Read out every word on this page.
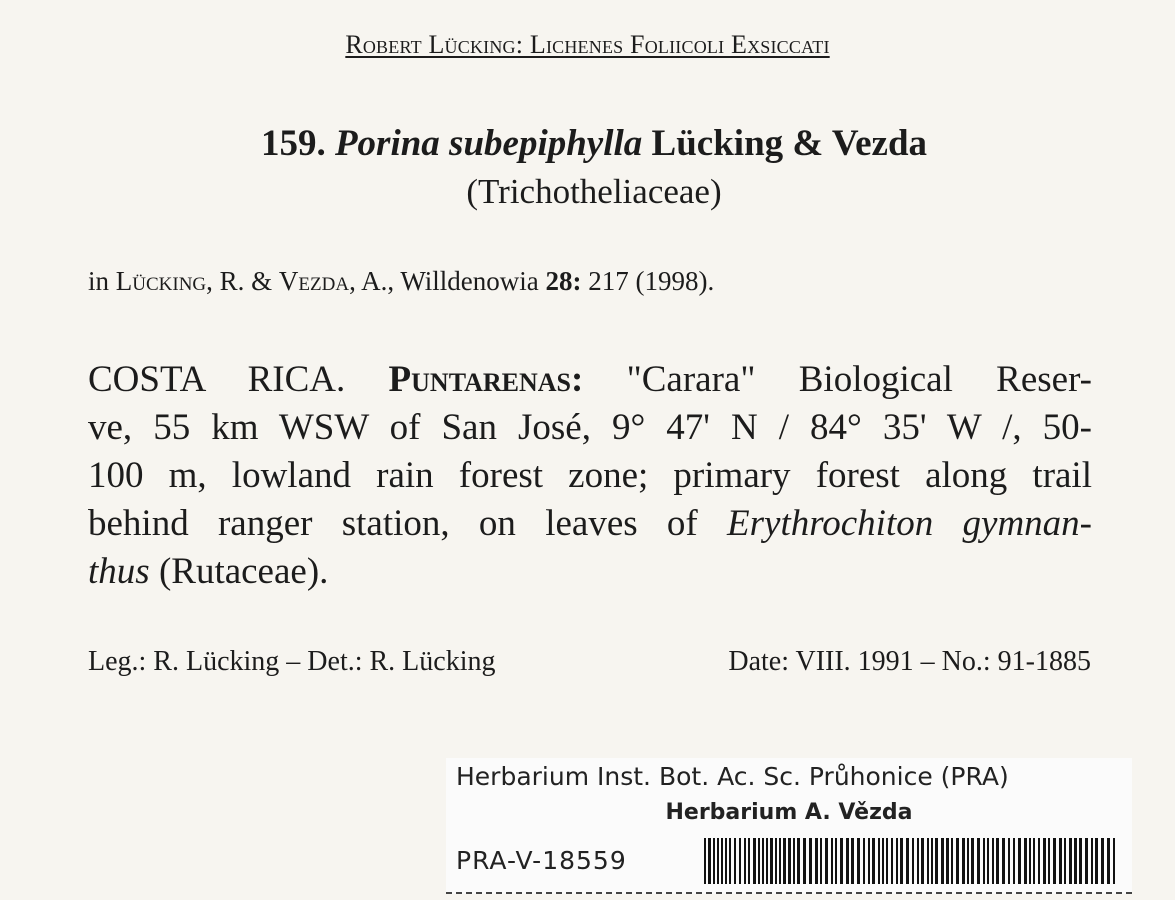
Robert Lücking: Lichenes Foliicoli Exsiccati
159. Porina subepiphylla Lücking & Vezda
(Trichotheliaceae)
in Lücking, R. & Vezda, A., Willdenowia 28: 217 (1998).
COSTA RICA. Puntarenas: "Carara" Biological Reser-
ve, 55 km WSW of San José, 9° 47' N / 84° 35' W /, 50-
100 m, lowland rain forest zone; primary forest along trail
behind ranger station, on leaves of Erythrochiton gymnan-
thus (Rutaceae).
Leg.: R. Lücking – Det.: R. Lücking	Date: VIII. 1991 – No.: 91-1885
Herbarium Inst. Bot. Ac. Sc. Průhonice (PRA)
Herbarium A. Vězda
PRA-V-18559
